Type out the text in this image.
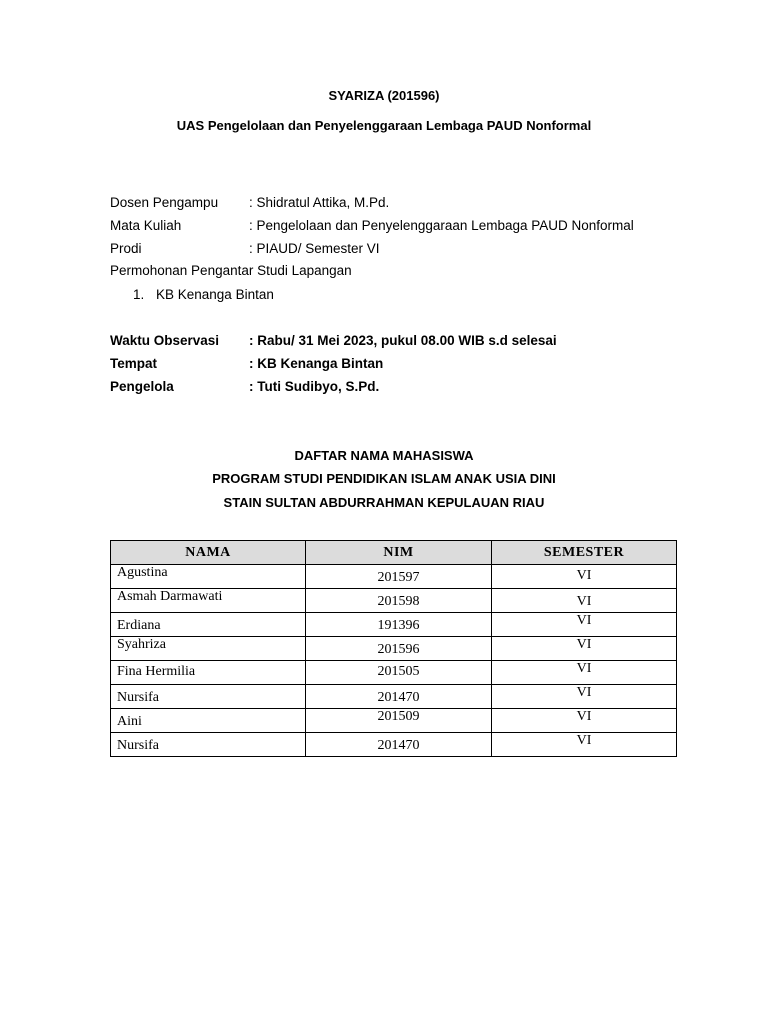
SYARIZA (201596)
UAS Pengelolaan dan Penyelenggaraan Lembaga PAUD Nonformal
Dosen Pengampu : Shidratul Attika, M.Pd.
Mata Kuliah	: Pengelolaan dan Penyelenggaraan Lembaga PAUD Nonformal
Prodi	: PIAUD/ Semester VI
Permohonan Pengantar Studi Lapangan
1. KB Kenanga Bintan
Waktu Observasi : Rabu/ 31 Mei 2023, pukul 08.00 WIB s.d selesai
Tempat	: KB Kenanga Bintan
Pengelola	: Tuti Sudibyo, S.Pd.
DAFTAR NAMA MAHASISWA
PROGRAM STUDI PENDIDIKAN ISLAM ANAK USIA DINI
STAIN SULTAN ABDURRAHMAN KEPULAUAN RIAU
NAMA	NIM	SEMESTER

Agustina	201597	VI

Asmah Darmawati	201598	VI

Erdiana	191396	VI

Syahriza	201596	VI

Fina Hermilia	201505	VI

Nursifa	201470	VI

Aini	201509	VI

Nursifa	201470	VI
